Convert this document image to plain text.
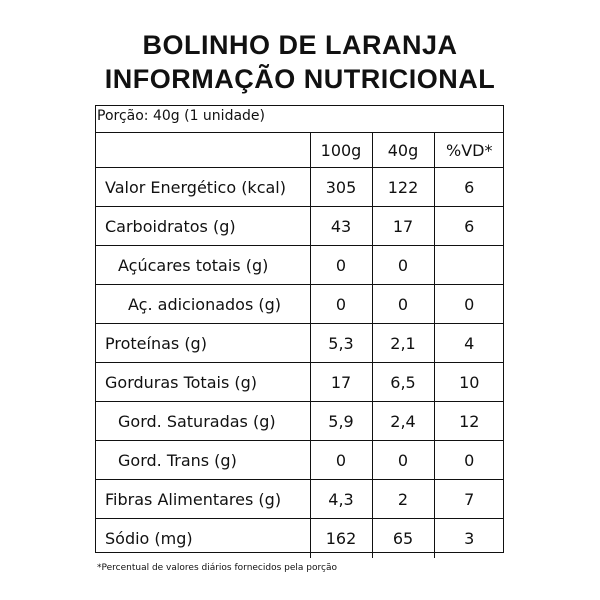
BOLINHO DE LARANJA
INFORMAÇÃO NUTRICIONAL
Porção: 40g (1 unidade)
	100g	40g	%VD*
Valor Energético (kcal)	305	122	6
Carboidratos (g)	43	17	6
Açúcares totais (g)	0	0	
Aç. adicionados (g)	0	0	0
Proteínas (g)	5,3	2,1	4
Gorduras Totais (g)	17	6,5	10
Gord. Saturadas (g)	5,9	2,4	12
Gord. Trans (g)	0	0	0
Fibras Alimentares (g)	4,3	2	7
Sódio (mg)	162	65	3
*Percentual de valores diários fornecidos pela porção
